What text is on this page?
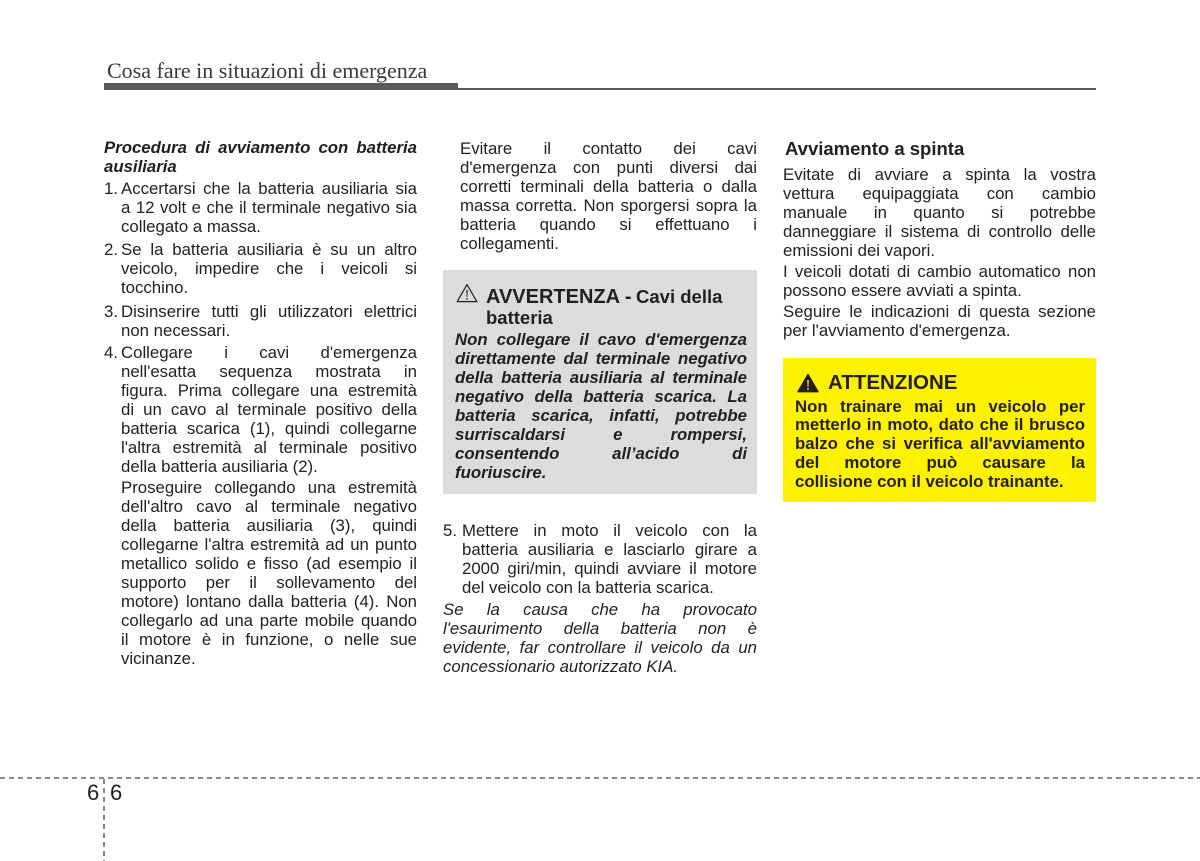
Cosa fare in situazioni di emergenza
Procedura di avviamento con batteria
ausiliaria
1. Accertarsi che la batteria ausiliaria sia
a 12 volt e che il terminale negativo sia
collegato a massa.
2. Se la batteria ausiliaria è su un altro
veicolo, impedire che i veicoli si
tocchino.
3. Disinserire tutti gli utilizzatori elettrici
non necessari.
4. Collegare i cavi d'emergenza
nell'esatta sequenza mostrata in
figura. Prima collegare una estremità
di un cavo al terminale positivo della
batteria scarica (1), quindi collegarne
l'altra estremità al terminale positivo
della batteria ausiliaria (2).
Proseguire collegando una estremità
dell'altro cavo al terminale negativo
della batteria ausiliaria (3), quindi
collegarne l'altra estremità ad un punto
metallico solido e fisso (ad esempio il
supporto per il sollevamento del
motore) lontano dalla batteria (4). Non
collegarlo ad una parte mobile quando
il motore è in funzione, o nelle sue
vicinanze.
Evitare il contatto dei cavi
d'emergenza con punti diversi dai
corretti terminali della batteria o dalla
massa corretta. Non sporgersi sopra la
batteria quando si effettuano i
collegamenti.
AVVERTENZA - Cavi della
batteria
Non collegare il cavo d'emergenza
direttamente dal terminale negativo
della batteria ausiliaria al terminale
negativo della batteria scarica. La
batteria scarica, infatti, potrebbe
surriscaldarsi e rompersi,
consentendo all’acido di
fuoriuscire.
5. Mettere in moto il veicolo con la
batteria ausiliaria e lasciarlo girare a
2000 giri/min, quindi avviare il motore
del veicolo con la batteria scarica.
Se la causa che ha provocato
l'esaurimento della batteria non è
evidente, far controllare il veicolo da un
concessionario autorizzato KIA.
Avviamento a spinta
Evitate di avviare a spinta la vostra
vettura equipaggiata con cambio
manuale in quanto si potrebbe
danneggiare il sistema di controllo delle
emissioni dei vapori.
I veicoli dotati di cambio automatico non
possono essere avviati a spinta.
Seguire le indicazioni di questa sezione
per l'avviamento d'emergenza.
ATTENZIONE
Non trainare mai un veicolo per
metterlo in moto, dato che il brusco
balzo che si verifica all'avviamento
del motore può causare la
collisione con il veicolo trainante.
6 6
